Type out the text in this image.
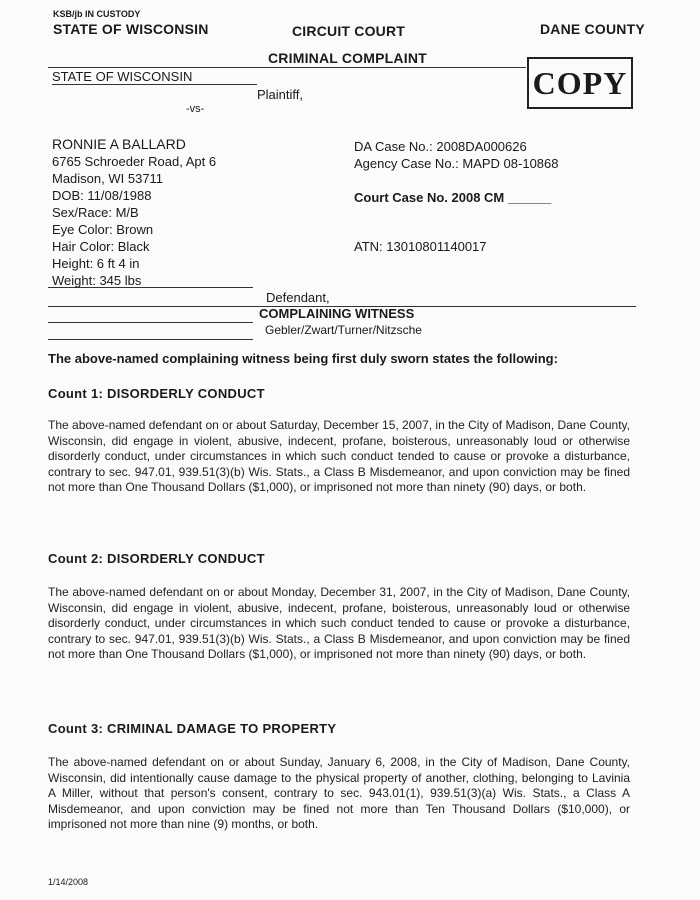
KSB/jb IN CUSTODY
STATE OF WISCONSIN	CIRCUIT COURT	DANE COUNTY
CRIMINAL COMPLAINT
COPY
STATE OF WISCONSIN
Plaintiff,
-vs-
RONNIE A BALLARD
6765 Schroeder Road, Apt 6
Madison, WI 53711
DOB: 11/08/1988
Sex/Race: M/B
Eye Color: Brown
Hair Color: Black
Height: 6 ft 4 in
Weight: 345 lbs
DA Case No.: 2008DA000626
Agency Case No.: MAPD 08-10868
Court Case No. 2008 CM ______
ATN: 13010801140017
Defendant,
COMPLAINING WITNESS
Gebler/Zwart/Turner/Nitzsche
The above-named complaining witness being first duly sworn states the following:
Count 1: DISORDERLY CONDUCT
The above-named defendant on or about Saturday, December 15, 2007, in the City of Madison, Dane County, Wisconsin, did engage in violent, abusive, indecent, profane, boisterous, unreasonably loud or otherwise disorderly conduct, under circumstances in which such conduct tended to cause or provoke a disturbance, contrary to sec. 947.01, 939.51(3)(b) Wis. Stats., a Class B Misdemeanor, and upon conviction may be fined not more than One Thousand Dollars ($1,000), or imprisoned not more than ninety (90) days, or both.
Count 2: DISORDERLY CONDUCT
The above-named defendant on or about Monday, December 31, 2007, in the City of Madison, Dane County, Wisconsin, did engage in violent, abusive, indecent, profane, boisterous, unreasonably loud or otherwise disorderly conduct, under circumstances in which such conduct tended to cause or provoke a disturbance, contrary to sec. 947.01, 939.51(3)(b) Wis. Stats., a Class B Misdemeanor, and upon conviction may be fined not more than One Thousand Dollars ($1,000), or imprisoned not more than ninety (90) days, or both.
Count 3: CRIMINAL DAMAGE TO PROPERTY
The above-named defendant on or about Sunday, January 6, 2008, in the City of Madison, Dane County, Wisconsin, did intentionally cause damage to the physical property of another, clothing, belonging to Lavinia A Miller, without that person's consent, contrary to sec. 943.01(1), 939.51(3)(a) Wis. Stats., a Class A Misdemeanor, and upon conviction may be fined not more than Ten Thousand Dollars ($10,000), or imprisoned not more than nine (9) months, or both.
1/14/2008
